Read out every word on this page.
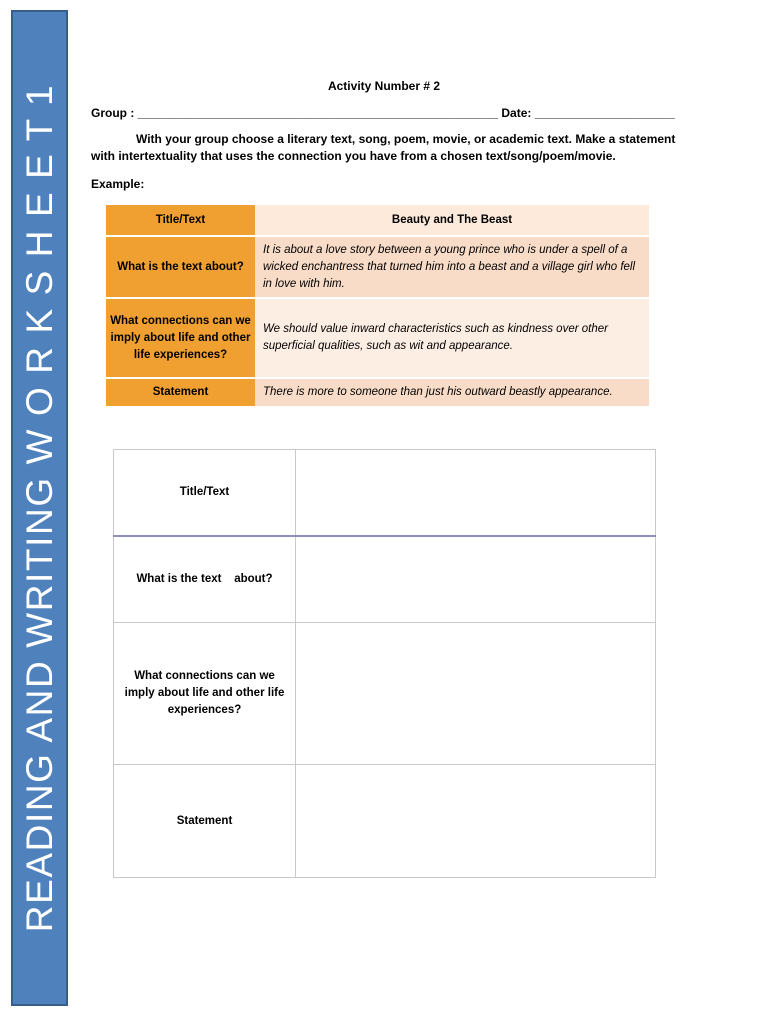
READING AND WRITING W O R K S H E E T 1	Activity Number # 2
Group : ______________________________________________________ Date: _____________________
With your group choose a literary text, song, poem, movie, or academic text. Make a statement with intertextuality that uses the connection you have from a chosen text/song/poem/movie.
Example:
Title/Text	Beauty and The Beast
What is the text about?	It is about a love story between a young prince who is under a spell of a wicked enchantress that turned him into a beast and a village girl who fell in love with him.
What connections can we imply about life and other life experiences?	We should value inward characteristics such as kindness over other superficial qualities, such as wit and appearance.
Statement	There is more to someone than just his outward beastly appearance.
Title/Text	
What is the text    about?	
What connections can we imply about life and other life experiences?	
Statement	
